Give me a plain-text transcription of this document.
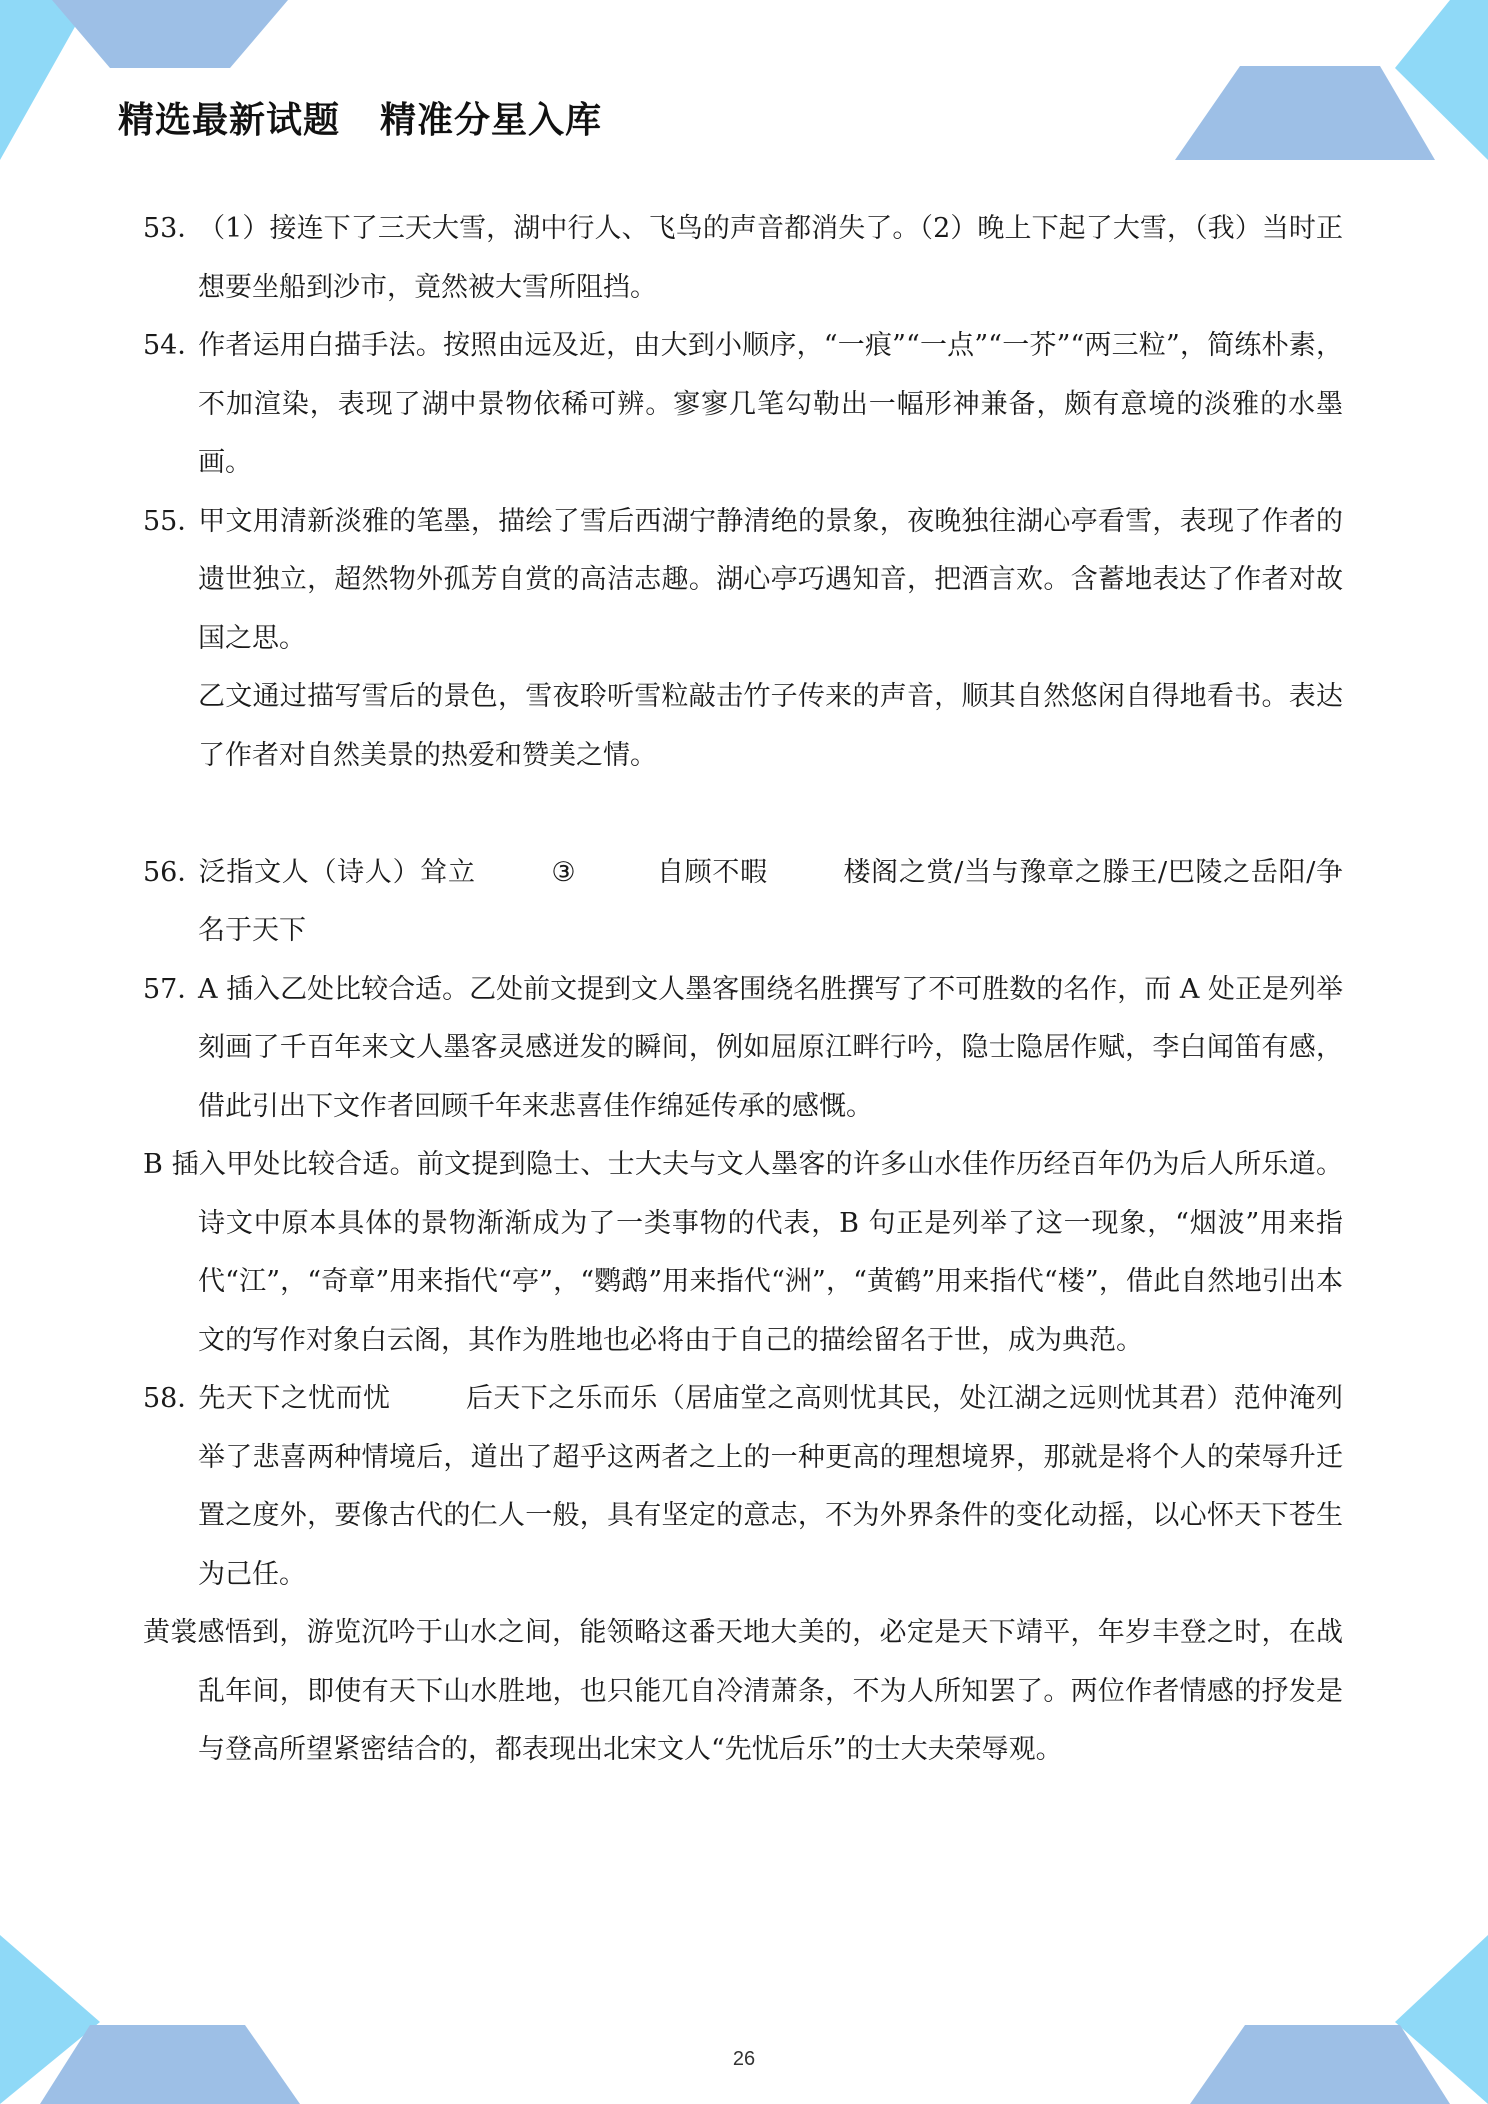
精选最新试题 精准分星入库

53．（1）接连下了三天大雪，湖中行人、飞鸟的声音都消失了。（2）晚上下起了大雪，（我）当时正想要坐船到沙市，竟然被大雪所阻挡。

54．作者运用白描手法。按照由远及近，由大到小顺序，“一痕”“一点”“一芥”“两三粒”，简练朴素，不加渲染，表现了湖中景物依稀可辨。寥寥几笔勾勒出一幅形神兼备，颇有意境的淡雅的水墨画。

55．甲文用清新淡雅的笔墨，描绘了雪后西湖宁静清绝的景象，夜晚独往湖心亭看雪，表现了作者的遗世独立，超然物外孤芳自赏的高洁志趣。湖心亭巧遇知音，把酒言欢。含蓄地表达了作者对故国之思。

乙文通过描写雪后的景色，雪夜聆听雪粒敲击竹子传来的声音，顺其自然悠闲自得地看书。表达了作者对自然美景的热爱和赞美之情。

56．泛指文人（诗人）耸立	③	自顾不暇	楼阁之赏/当与豫章之滕王/巴陵之岳阳/争名于天下

57．A 插入乙处比较合适。乙处前文提到文人墨客围绕名胜撰写了不可胜数的名作，而 A 处正是列举刻画了千百年来文人墨客灵感迸发的瞬间，例如屈原江畔行吟，隐士隐居作赋，李白闻笛有感，借此引出下文作者回顾千年来悲喜佳作绵延传承的感慨。

B 插入甲处比较合适。前文提到隐士、士大夫与文人墨客的许多山水佳作历经百年仍为后人所乐道。诗文中原本具体的景物渐渐成为了一类事物的代表，B 句正是列举了这一现象，“烟波”用来指代“江”，“奇章”用来指代“亭”，“鹦鹉”用来指代“洲”，“黄鹤”用来指代“楼”，借此自然地引出本文的写作对象白云阁，其作为胜地也必将由于自己的描绘留名于世，成为典范。

58．先天下之忧而忧	后天下之乐而乐（居庙堂之高则忧其民，处江湖之远则忧其君）范仲淹列举了悲喜两种情境后，道出了超乎这两者之上的一种更高的理想境界，那就是将个人的荣辱升迁置之度外，要像古代的仁人一般，具有坚定的意志，不为外界条件的变化动摇，以心怀天下苍生为己任。

黄裳感悟到，游览沉吟于山水之间，能领略这番天地大美的，必定是天下靖平，年岁丰登之时，在战乱年间，即使有天下山水胜地，也只能兀自冷清萧条，不为人所知罢了。两位作者情感的抒发是与登高所望紧密结合的，都表现出北宋文人“先忧后乐”的士大夫荣辱观。

26
